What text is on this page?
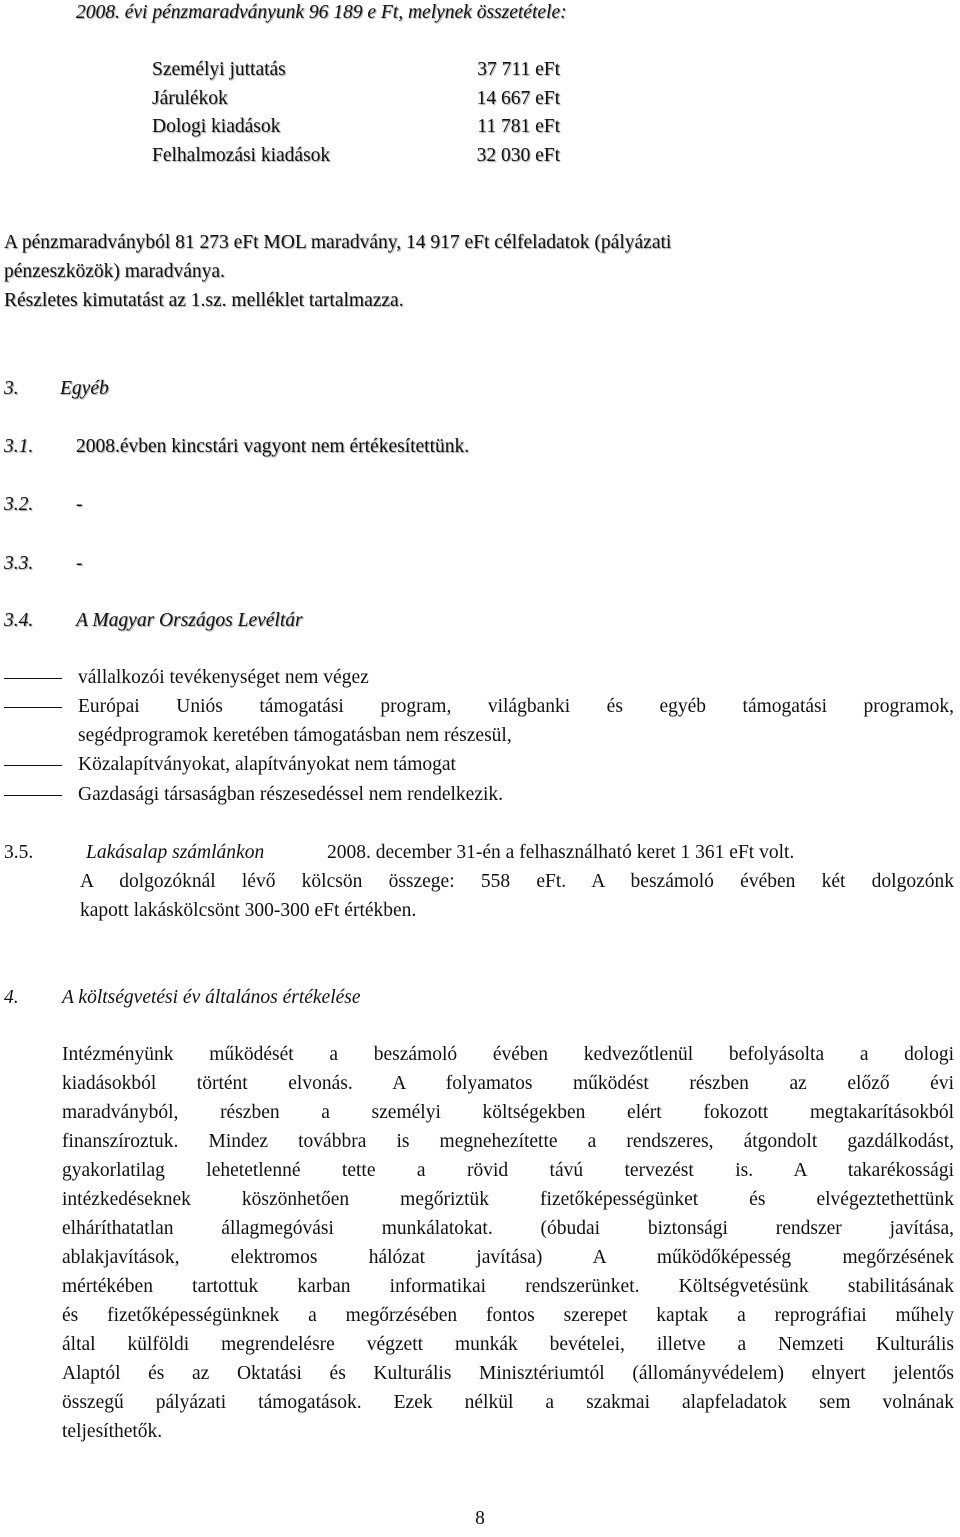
2008. évi pénzmaradványunk 96 189 e Ft, melynek összetétele:
Személyi juttatás	37 711 eFt
Járulékok	14 667 eFt
Dologi kiadások	11 781 eFt
Felhalmozási kiadások	32 030 eFt
A pénzmaradványból 81 273 eFt MOL maradvány, 14 917 eFt célfeladatok (pályázati
pénzeszközök) maradványa.
Részletes kimutatást az 1.sz. melléklet tartalmazza.
3. Egyéb
3.1. 2008.évben kincstári vagyont nem értékesítettünk.
3.2. -
3.3. -
3.4. A Magyar Országos Levéltár
vállalkozói tevékenységet nem végez
Európai Uniós támogatási program, világbanki és egyéb támogatási programok,
segédprogramok keretében támogatásban nem részesül,
Közalapítványokat, alapítványokat nem támogat
Gazdasági társaságban részesedéssel nem rendelkezik.
3.5.	Lakásalap számlánkon	2008. december 31-én a felhasználható keret 1 361 eFt volt.
A dolgozóknál lévő kölcsön összege: 558 eFt. A beszámoló évében két dolgozónk
kapott lakáskölcsönt 300-300 eFt értékben.
4. A költségvetési év általános értékelése
Intézményünk működését a beszámoló évében kedvezőtlenül befolyásolta a dologi
kiadásokból történt elvonás. A folyamatos működést részben az előző évi
maradványból, részben a személyi költségekben elért fokozott megtakarításokból
finanszíroztuk. Mindez továbbra is megnehezítette a rendszeres, átgondolt gazdálkodást,
gyakorlatilag lehetetlenné tette a rövid távú tervezést is. A takarékossági
intézkedéseknek köszönhetően megőriztük fizetőképességünket és elvégeztethettünk
elháríthatatlan állagmegóvási munkálatokat. (óbudai biztonsági rendszer javítása,
ablakjavítások, elektromos hálózat javítása) A működőképesség megőrzésének
mértékében tartottuk karban informatikai rendszerünket. Költségvetésünk stabilitásának
és fizetőképességünknek a megőrzésében fontos szerepet kaptak a reprográfiai műhely
által külföldi megrendelésre végzett munkák bevételei, illetve a Nemzeti Kulturális
Alaptól és az Oktatási és Kulturális Minisztériumtól (állományvédelem) elnyert jelentős
összegű pályázati támogatások. Ezek nélkül a szakmai alapfeladatok sem volnának
teljesíthetők.
8
